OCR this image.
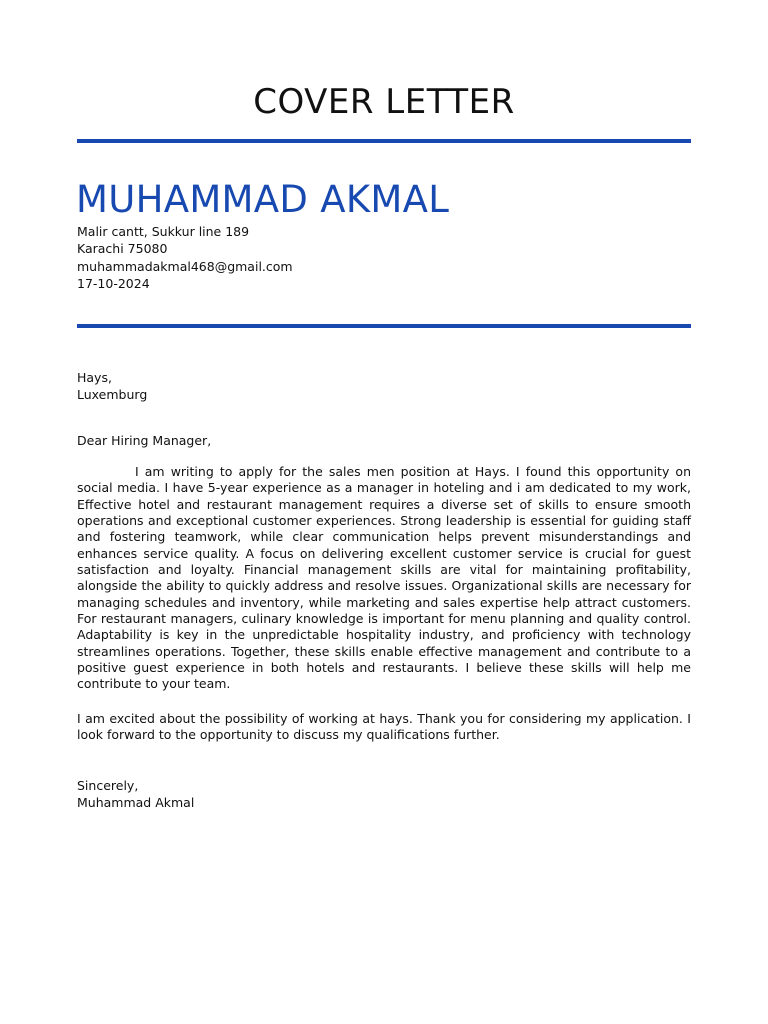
COVER LETTER
MUHAMMAD AKMAL
Malir cantt, Sukkur line 189
Karachi 75080
muhammadakmal468@gmail.com
17-10-2024
Hays,
Luxemburg
Dear Hiring Manager,
I am writing to apply for the sales men position at Hays. I found this opportunity on social media. I have 5-year experience as a manager in hoteling and i am dedicated to my work, Effective hotel and restaurant management requires a diverse set of skills to ensure smooth operations and exceptional customer experiences. Strong leadership is essential for guiding staff and fostering teamwork, while clear communication helps prevent misunderstandings and enhances service quality. A focus on delivering excellent customer service is crucial for guest satisfaction and loyalty. Financial management skills are vital for maintaining profitability, alongside the ability to quickly address and resolve issues. Organizational skills are necessary for managing schedules and inventory, while marketing and sales expertise help attract customers. For restaurant managers, culinary knowledge is important for menu planning and quality control. Adaptability is key in the unpredictable hospitality industry, and proficiency with technology streamlines operations. Together, these skills enable effective management and contribute to a positive guest experience in both hotels and restaurants. I believe these skills will help me contribute to your team.
I am excited about the possibility of working at hays. Thank you for considering my application. I look forward to the opportunity to discuss my qualifications further.
Sincerely,
Muhammad Akmal
